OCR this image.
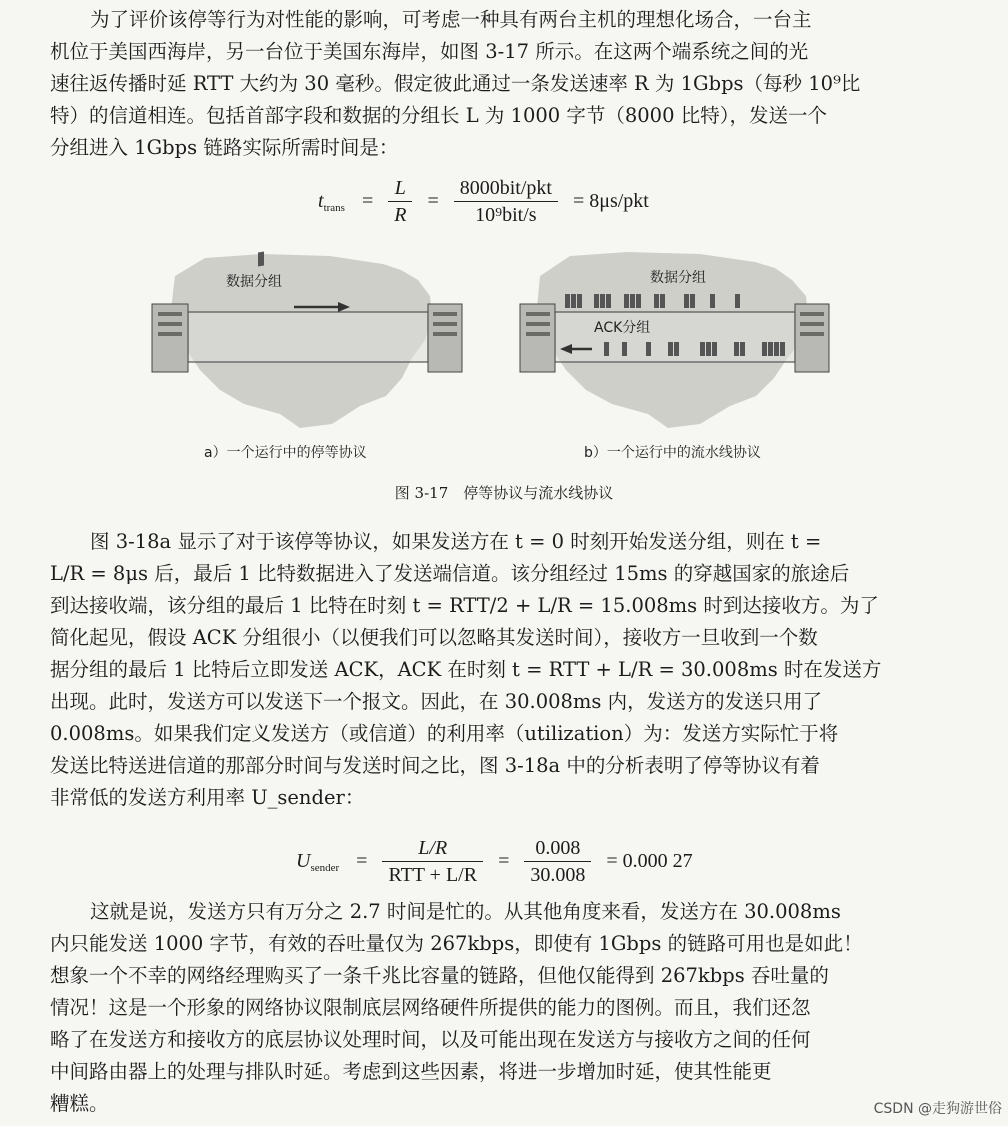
为了评价该停等行为对性能的影响，可考虑一种具有两台主机的理想化场合，一台主
机位于美国西海岸，另一台位于美国东海岸，如图 3-17 所示。在这两个端系统之间的光
速往返传播时延 RTT 大约为 30 毫秒。假定彼此通过一条发送速率 R 为 1Gbps（每秒 10⁹比
特）的信道相连。包括首部字段和数据的分组长 L 为 1000 字节（8000 比特），发送一个
分组进入 1Gbps 链路实际所需时间是：
$t_{trans} = \frac{L}{R} = \frac{\text{8000bit/pkt}}{\text{10⁹bit/s}} = 8\mu s/pkt$
数据分组
a）一个运行中的停等协议
数据分组
ACK分组
b）一个运行中的流水线协议
图 3-17　停等协议与流水线协议
图 3-18a 显示了对于该停等协议，如果发送方在 t = 0 时刻开始发送分组，则在 t =
L/R = 8μs 后，最后 1 比特数据进入了发送端信道。该分组经过 15ms 的穿越国家的旅途后
到达接收端，该分组的最后 1 比特在时刻 t = RTT/2 + L/R = 15.008ms 时到达接收方。为了
简化起见，假设 ACK 分组很小（以便我们可以忽略其发送时间），接收方一旦收到一个数
据分组的最后 1 比特后立即发送 ACK，ACK 在时刻 t = RTT + L/R = 30.008ms 时在发送方
出现。此时，发送方可以发送下一个报文。因此，在 30.008ms 内，发送方的发送只用了
0.008ms。如果我们定义发送方（或信道）的利用率（utilization）为：发送方实际忙于将
发送比特送进信道的那部分时间与发送时间之比，图 3-18a 中的分析表明了停等协议有着
非常低的发送方利用率 U_sender：
$U_{sender} = \frac{L/R}{\text{RTT + L/R}} = \frac{0.008}{30.008} = 0.000$ 27
这就是说，发送方只有万分之 2.7 时间是忙的。从其他角度来看，发送方在 30.008ms
内只能发送 1000 字节，有效的吞吐量仅为 267kbps，即使有 1Gbps 的链路可用也是如此！
想象一个不幸的网络经理购买了一条千兆比容量的链路，但他仅能得到 267kbps 吞吐量的
情况！这是一个形象的网络协议限制底层网络硬件所提供的能力的图例。而且，我们还忽
略了在发送方和接收方的底层协议处理时间，以及可能出现在发送方与接收方之间的任何
中间路由器上的处理与排队时延。考虑到这些因素，将进一步增加时延，使其性能更
糟糕。	CSDN @走狗游世俗
